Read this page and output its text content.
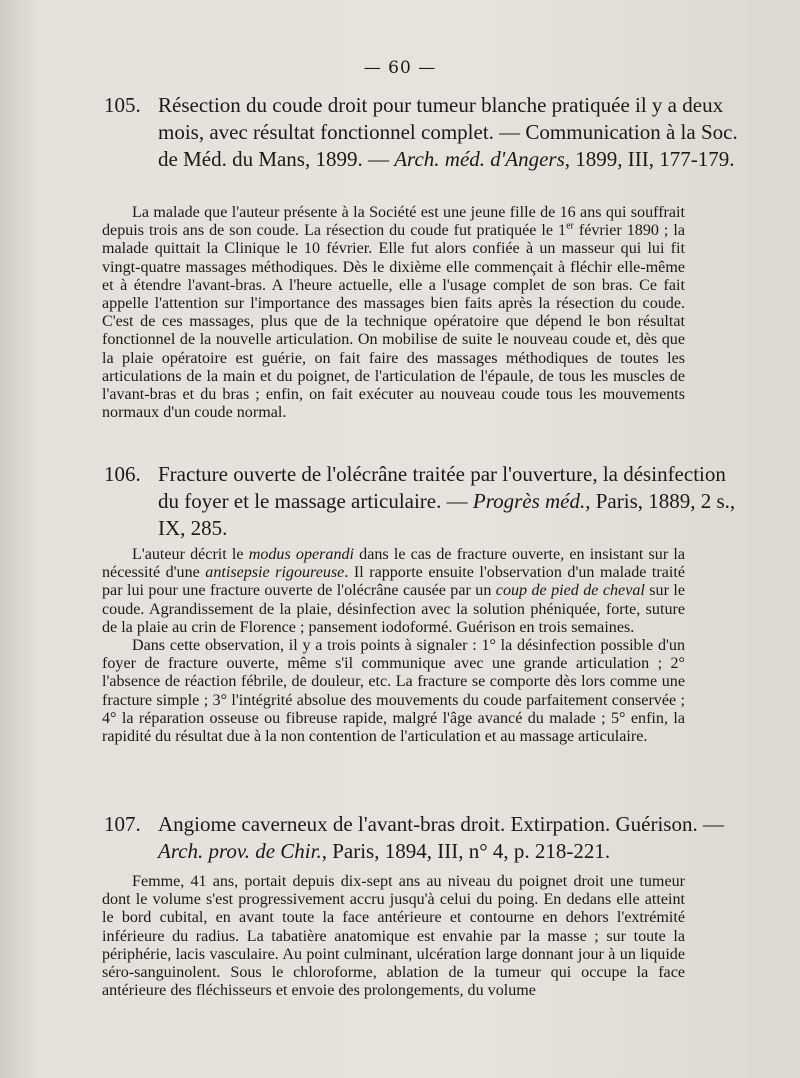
— 60 —
105. Résection du coude droit pour tumeur blanche pratiquée il y a deux mois, avec résultat fonctionnel complet. — Communication à la Soc. de Méd. du Mans, 1899. — Arch. méd. d'Angers, 1899, III, 177-179.

La malade que l'auteur présente à la Société est une jeune fille de 16 ans qui souffrait depuis trois ans de son coude. La résection du coude fut pratiquée le 1er février 1890 ; la malade quittait la Clinique le 10 février. Elle fut alors confiée à un masseur qui lui fit vingt-quatre massages méthodiques. Dès le dixième elle commençait à fléchir elle-même et à étendre l'avant-bras. A l'heure actuelle, elle a l'usage complet de son bras. Ce fait appelle l'attention sur l'importance des massages bien faits après la résection du coude. C'est de ces massages, plus que de la technique opératoire que dépend le bon résultat fonctionnel de la nouvelle articulation. On mobilise de suite le nouveau coude et, dès que la plaie opératoire est guérie, on fait faire des massages méthodiques de toutes les articulations de la main et du poignet, de l'articulation de l'épaule, de tous les muscles de l'avant-bras et du bras ; enfin, on fait exécuter au nouveau coude tous les mouvements normaux d'un coude normal.

106. Fracture ouverte de l'olécrâne traitée par l'ouverture, la désinfection du foyer et le massage articulaire. — Progrès méd., Paris, 1889, 2 s., IX, 285.

L'auteur décrit le modus operandi dans le cas de fracture ouverte, en insistant sur la nécessité d'une antisepsie rigoureuse. Il rapporte ensuite l'observation d'un malade traité par lui pour une fracture ouverte de l'olécrâne causée par un coup de pied de cheval sur le coude. Agrandissement de la plaie, désinfection avec la solution phéniquée, forte, suture de la plaie au crin de Florence ; pansement iodoformé. Guérison en trois semaines.

Dans cette observation, il y a trois points à signaler : 1° la désinfection possible d'un foyer de fracture ouverte, même s'il communique avec une grande articulation ; 2° l'absence de réaction fébrile, de douleur, etc. La fracture se comporte dès lors comme une fracture simple ; 3° l'intégrité absolue des mouvements du coude parfaitement conservée ; 4° la réparation osseuse ou fibreuse rapide, malgré l'âge avancé du malade ; 5° enfin, la rapidité du résultat due à la non contention de l'articulation et au massage articulaire.

107. Angiome caverneux de l'avant-bras droit. Extirpation. Guérison. — Arch. prov. de Chir., Paris, 1894, III, n° 4, p. 218-221.

Femme, 41 ans, portait depuis dix-sept ans au niveau du poignet droit une tumeur dont le volume s'est progressivement accru jusqu'à celui du poing. En dedans elle atteint le bord cubital, en avant toute la face antérieure et contourne en dehors l'extrémité inférieure du radius. La tabatière anatomique est envahie par la masse ; sur toute la périphérie, lacis vasculaire. Au point culminant, ulcération large donnant jour à un liquide séro-sanguinolent. Sous le chloroforme, ablation de la tumeur qui occupe la face antérieure des fléchisseurs et envoie des prolongements, du volume
